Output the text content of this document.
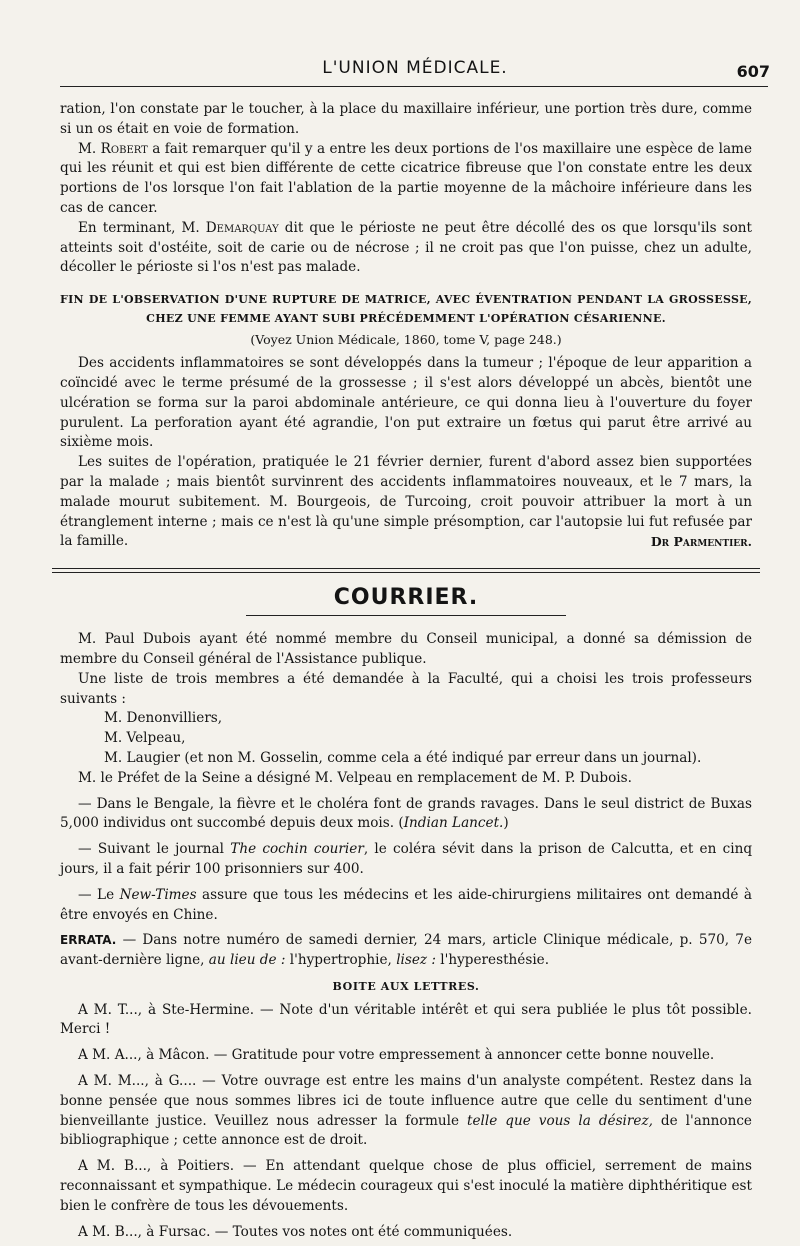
L'UNION MÉDICALE.	607

ration, l'on constate par le toucher, à la place du maxillaire inférieur, une portion très dure, comme si un os était en voie de formation.

M. Robert a fait remarquer qu'il y a entre les deux portions de l'os maxillaire une espèce de lame qui les réunit et qui est bien différente de cette cicatrice fibreuse que l'on constate entre les deux portions de l'os lorsque l'on fait l'ablation de la partie moyenne de la mâchoire inférieure dans les cas de cancer.

En terminant, M. Demarquay dit que le périoste ne peut être décollé des os que lorsqu'ils sont atteints soit d'ostéite, soit de carie ou de nécrose ; il ne croit pas que l'on puisse, chez un adulte, décoller le périoste si l'os n'est pas malade.

FIN DE L'OBSERVATION D'UNE RUPTURE DE MATRICE, AVEC ÉVENTRATION PENDANT LA GROSSESSE,
CHEZ UNE FEMME AYANT SUBI PRÉCÉDEMMENT L'OPÉRATION CÉSARIENNE.
(Voyez Union Médicale, 1860, tome V, page 248.)

Des accidents inflammatoires se sont développés dans la tumeur ; l'époque de leur apparition a coïncidé avec le terme présumé de la grossesse ; il s'est alors développé un abcès, bientôt une ulcération se forma sur la paroi abdominale antérieure, ce qui donna lieu à l'ouverture du foyer purulent. La perforation ayant été agrandie, l'on put extraire un fœtus qui parut être arrivé au sixième mois.

Les suites de l'opération, pratiquée le 21 février dernier, furent d'abord assez bien supportées par la malade ; mais bientôt survinrent des accidents inflammatoires nouveaux, et le 7 mars, la malade mourut subitement. M. Bourgeois, de Turcoing, croit pouvoir attribuer la mort à un étranglement interne ; mais ce n'est là qu'une simple présomption, car l'autopsie lui fut refusée par la famille.	Dr Parmentier.

COURRIER.

M. Paul Dubois ayant été nommé membre du Conseil municipal, a donné sa démission de membre du Conseil général de l'Assistance publique.

Une liste de trois membres a été demandée à la Faculté, qui a choisi les trois professeurs suivants :

M. Denonvilliers,

M. Velpeau,

M. Laugier (et non M. Gosselin, comme cela a été indiqué par erreur dans un journal).

M. le Préfet de la Seine a désigné M. Velpeau en remplacement de M. P. Dubois.

— Dans le Bengale, la fièvre et le choléra font de grands ravages. Dans le seul district de Buxas 5,000 individus ont succombé depuis deux mois. (Indian Lancet.)

— Suivant le journal The cochin courier, le coléra sévit dans la prison de Calcutta, et en cinq jours, il a fait périr 100 prisonniers sur 400.

— Le New-Times assure que tous les médecins et les aide-chirurgiens militaires ont demandé à être envoyés en Chine.

ERRATA. — Dans notre numéro de samedi dernier, 24 mars, article Clinique médicale, p. 570, 7e avant-dernière ligne, au lieu de : l'hypertrophie, lisez : l'hyperesthésie.

BOITE AUX LETTRES.

A M. T..., à Ste-Hermine. — Note d'un véritable intérêt et qui sera publiée le plus tôt possible. Merci !

A M. A..., à Mâcon. — Gratitude pour votre empressement à annoncer cette bonne nouvelle.

A M. M..., à G.... — Votre ouvrage est entre les mains d'un analyste compétent. Restez dans la bonne pensée que nous sommes libres ici de toute influence autre que celle du sentiment d'une bienveillante justice. Veuillez nous adresser la formule telle que vous la désirez, de l'annonce bibliographique ; cette annonce est de droit.

A M. B..., à Poitiers. — En attendant quelque chose de plus officiel, serrement de mains reconnaissant et sympathique. Le médecin courageux qui s'est inoculé la matière diphthéritique est bien le confrère de tous les dévouements.

A M. B..., à Fursac. — Toutes vos notes ont été communiquées.
